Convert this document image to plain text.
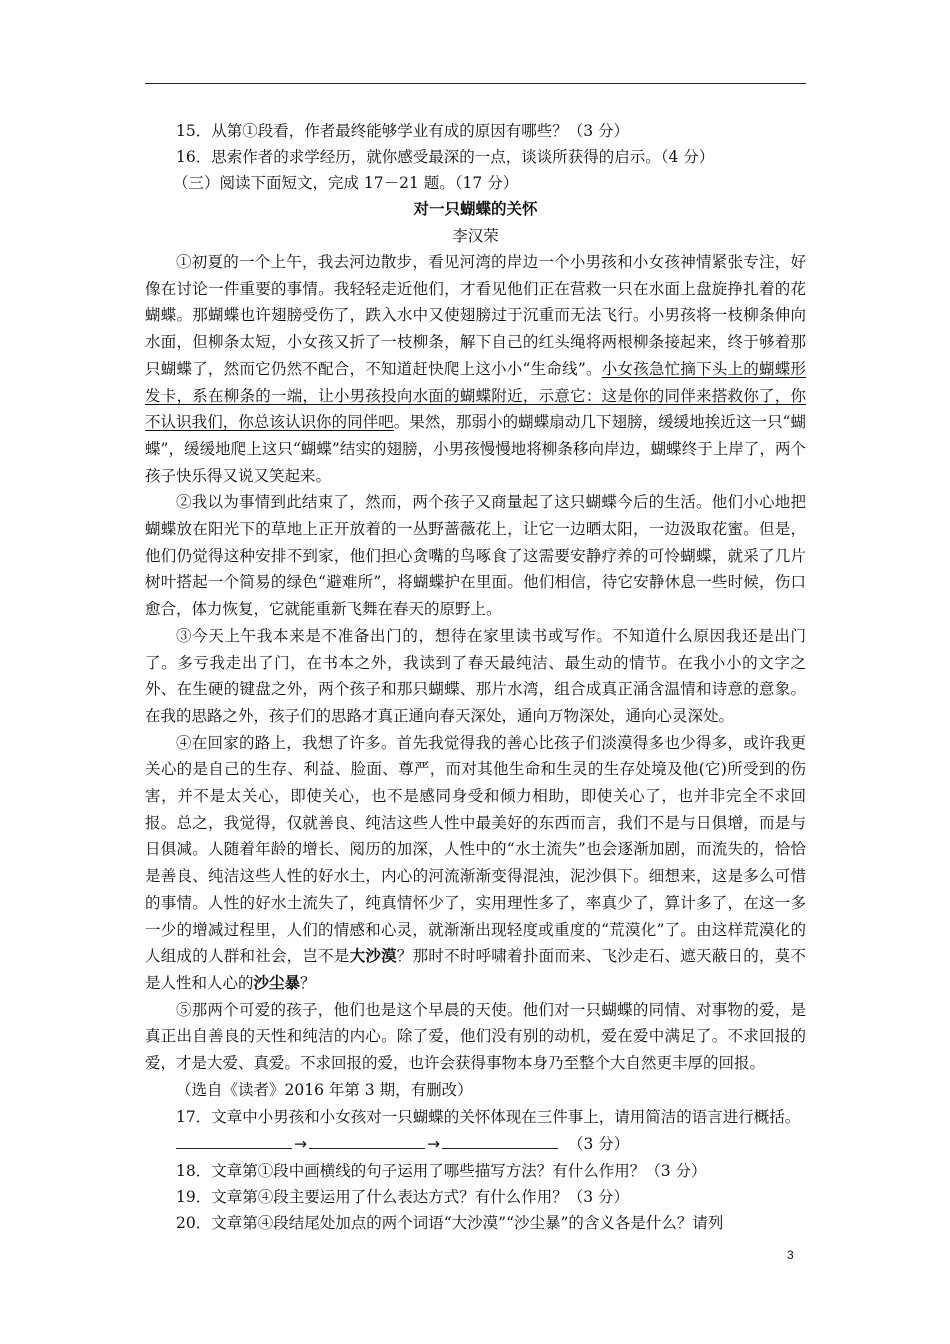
15．从第①段看，作者最终能够学业有成的原因有哪些？（3 分）
16．思索作者的求学经历，就你感受最深的一点，谈谈所获得的启示。（4 分）
（三）阅读下面短文，完成 17－21 题。（17 分）
对一只蝴蝶的关怀
李汉荣

①初夏的一个上午，我去河边散步，看见河湾的岸边一个小男孩和小女孩神情紧张专注，好像在讨论一件重要的事情。我轻轻走近他们，才看见他们正在营救一只在水面上盘旋挣扎着的花蝴蝶。那蝴蝶也许翅膀受伤了，跌入水中又使翅膀过于沉重而无法飞行。小男孩将一枝柳条伸向水面，但柳条太短，小女孩又折了一枝柳条，解下自己的红头绳将两根柳条接起来，终于够着那只蝴蝶了，然而它仍然不配合，不知道赶快爬上这小小“生命线”。小女孩急忙摘下头上的蝴蝶形发卡，系在柳条的一端，让小男孩投向水面的蝴蝶附近，示意它：这是你的同伴来搭救你了，你不认识我们，你总该认识你的同伴吧。果然，那弱小的蝴蝶扇动几下翅膀，缓缓地挨近这一只“蝴蝶”，缓缓地爬上这只“蝴蝶”结实的翅膀，小男孩慢慢地将柳条移向岸边，蝴蝶终于上岸了，两个孩子快乐得又说又笑起来。

②我以为事情到此结束了，然而，两个孩子又商量起了这只蝴蝶今后的生活。他们小心地把蝴蝶放在阳光下的草地上正开放着的一丛野蔷薇花上，让它一边晒太阳，一边汲取花蜜。但是，他们仍觉得这种安排不到家，他们担心贪嘴的鸟啄食了这需要安静疗养的可怜蝴蝶，就采了几片树叶搭起一个简易的绿色“避难所”，将蝴蝶护在里面。他们相信，待它安静休息一些时候，伤口愈合，体力恢复，它就能重新飞舞在春天的原野上。

③今天上午我本来是不准备出门的，想待在家里读书或写作。不知道什么原因我还是出门了。多亏我走出了门，在书本之外，我读到了春天最纯洁、最生动的情节。在我小小的文字之外、在生硬的键盘之外，两个孩子和那只蝴蝶、那片水湾，组合成真正涌含温情和诗意的意象。在我的思路之外，孩子们的思路才真正通向春天深处，通向万物深处，通向心灵深处。

④在回家的路上，我想了许多。首先我觉得我的善心比孩子们淡漠得多也少得多，或许我更关心的是自己的生存、利益、脸面、尊严，而对其他生命和生灵的生存处境及他(它)所受到的伤害，并不是太关心，即使关心，也不是感同身受和倾力相助，即使关心了，也并非完全不求回报。总之，我觉得，仅就善良、纯洁这些人性中最美好的东西而言，我们不是与日俱增，而是与日俱减。人随着年龄的增长、阅历的加深，人性中的“水土流失”也会逐渐加剧，而流失的，恰恰是善良、纯洁这些人性的好水土，内心的河流渐渐变得混浊，泥沙俱下。细想来，这是多么可惜的事情。人性的好水土流失了，纯真情怀少了，实用理性多了，率真少了，算计多了，在这一多一少的增减过程里，人们的情感和心灵，就渐渐出现轻度或重度的“荒漠化”了。由这样荒漠化的人组成的人群和社会，岂不是大沙漠？那时不时呼啸着扑面而来、飞沙走石、遮天蔽日的，莫不是人性和人心的沙尘暴？

⑤那两个可爱的孩子，他们也是这个早晨的天使。他们对一只蝴蝶的同情、对事物的爱，是真正出自善良的天性和纯洁的内心。除了爱，他们没有别的动机，爱在爱中满足了。不求回报的爱，才是大爱、真爱。不求回报的爱，也许会获得事物本身乃至整个大自然更丰厚的回报。

（选自《读者》2016 年第 3 期，有删改）

17．文章中小男孩和小女孩对一只蝴蝶的关怀体现在三件事上，请用简洁的语言进行概括。

→	→	（3 分）
18．文章第①段中画横线的句子运用了哪些描写方法？有什么作用？（3 分）
19．文章第④段主要运用了什么表达方式？有什么作用？（3 分）
20．文章第④段结尾处加点的两个词语“大沙漠”“沙尘暴”的含义各是什么？请列
3
